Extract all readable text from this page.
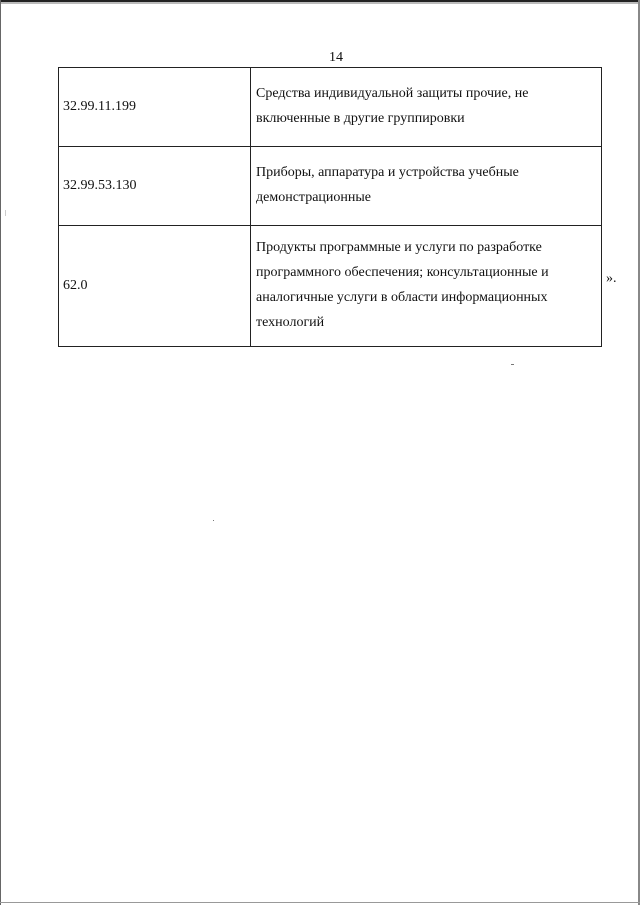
14
32.99.11.199	Средства индивидуальной защиты прочие, не включенные в другие группировки
32.99.53.130	Приборы, аппаратура и устройства учебные демонстрационные
62.0	Продукты программные и услуги по разработке программного обеспечения; консультационные и аналогичные услуги в области информационных технологий
».
